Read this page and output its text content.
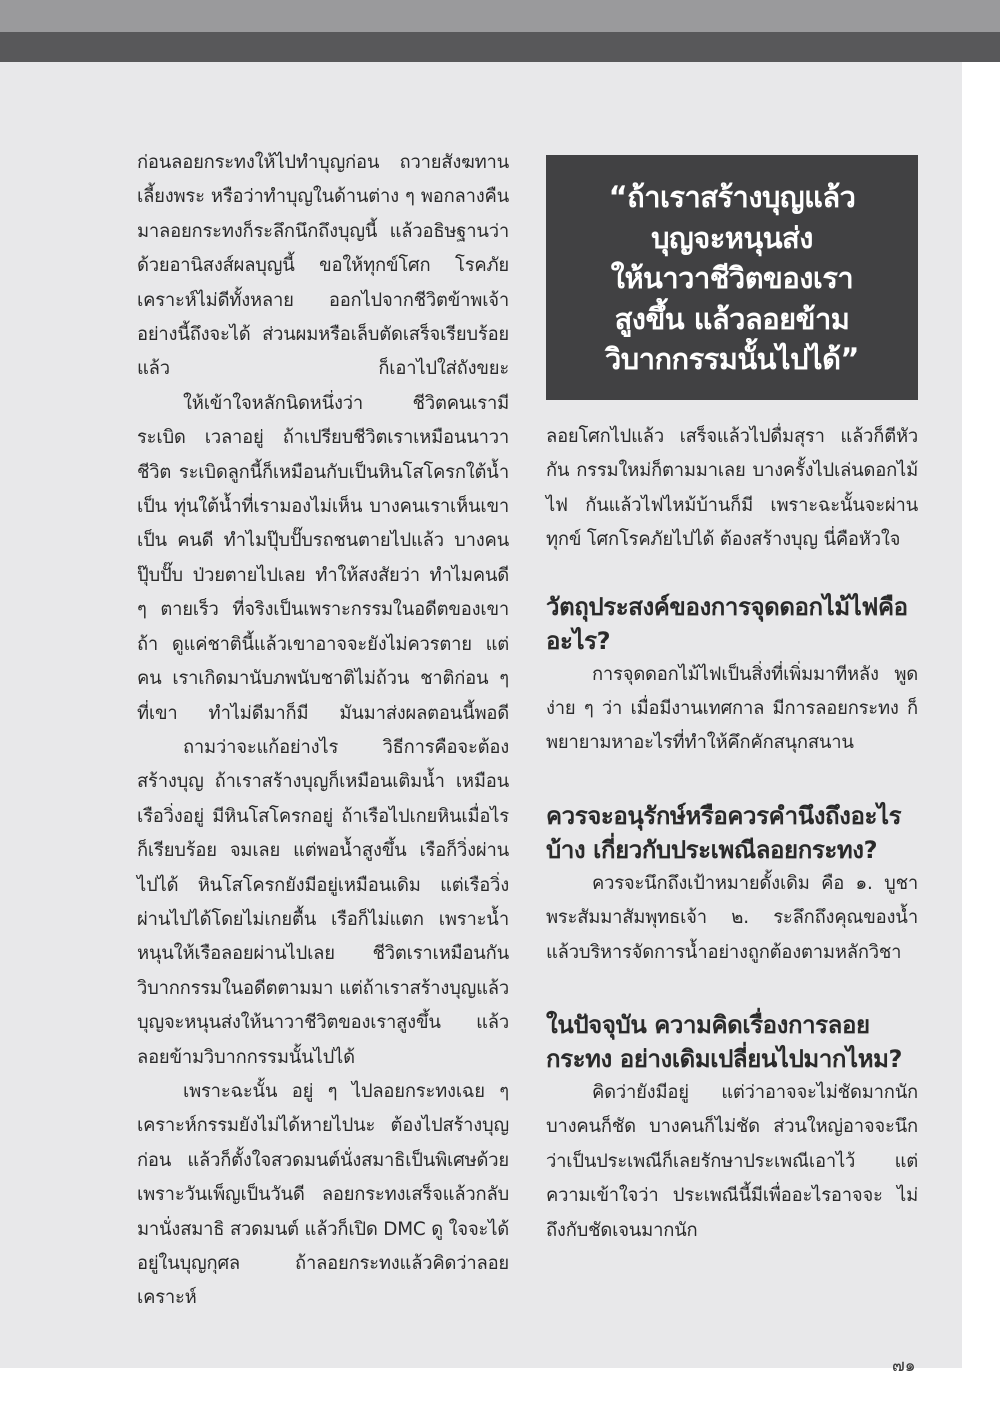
ก่อนลอยกระทงให้ไปทำบุญก่อน ถวายสังฆทาน เลี้ยงพระ หรือว่าทำบุญในด้านต่าง ๆ พอกลางคืน มาลอยกระทงก็ระลึกนึกถึงบุญนี้ แล้วอธิษฐานว่า ด้วยอานิสงส์ผลบุญนี้ ขอให้ทุกข์โศก โรคภัย เคราะห์ไม่ดีทั้งหลาย ออกไปจากชีวิตข้าพเจ้า อย่างนี้ถึงจะได้ ส่วนผมหรือเล็บตัดเสร็จเรียบร้อย แล้ว ก็เอาไปใส่ถังขยะ

ให้เข้าใจหลักนิดหนึ่งว่า ชีวิตคนเรามีระเบิด เวลาอยู่ ถ้าเปรียบชีวิตเราเหมือนนาวาชีวิต ระเบิดลูกนี้ก็เหมือนกับเป็นหินโสโครกใต้น้ำ เป็น ทุ่นใต้น้ำที่เรามองไม่เห็น บางคนเราเห็นเขาเป็น คนดี ทำไมปุ๊บปั๊บรถชนตายไปแล้ว บางคนปุ๊บปั๊บ ป่วยตายไปเลย ทำให้สงสัยว่า ทำไมคนดี ๆ ตายเร็ว ที่จริงเป็นเพราะกรรมในอดีตของเขา ถ้า ดูแค่ชาตินี้แล้วเขาอาจจะยังไม่ควรตาย แต่คน เราเกิดมานับภพนับชาติไม่ถ้วน ชาติก่อน ๆ ที่เขา ทำไม่ดีมาก็มี มันมาส่งผลตอนนี้พอดี

ถามว่าจะแก้อย่างไร วิธีการคือจะต้อง สร้างบุญ ถ้าเราสร้างบุญก็เหมือนเติมน้ำ เหมือน เรือวิ่งอยู่ มีหินโสโครกอยู่ ถ้าเรือไปเกยหินเมื่อไร ก็เรียบร้อย จมเลย แต่พอน้ำสูงขึ้น เรือก็วิ่งผ่าน ไปได้ หินโสโครกยังมีอยู่เหมือนเดิม แต่เรือวิ่ง ผ่านไปได้โดยไม่เกยตื้น เรือก็ไม่แตก เพราะน้ำ หนุนให้เรือลอยผ่านไปเลย ชีวิตเราเหมือนกัน วิบากกรรมในอดีตตามมา แต่ถ้าเราสร้างบุญแล้ว บุญจะหนุนส่งให้นาวาชีวิตของเราสูงขึ้น แล้ว ลอยข้ามวิบากกรรมนั้นไปได้

เพราะฉะนั้น อยู่ ๆ ไปลอยกระทงเฉย ๆ เคราะห์กรรมยังไม่ได้หายไปนะ ต้องไปสร้างบุญ ก่อน แล้วก็ตั้งใจสวดมนต์นั่งสมาธิเป็นพิเศษด้วย เพราะวันเพ็ญเป็นวันดี ลอยกระทงเสร็จแล้วกลับ มานั่งสมาธิ สวดมนต์ แล้วก็เปิด DMC ดู ใจจะได้ อยู่ในบุญกุศล ถ้าลอยกระทงแล้วคิดว่าลอยเคราะห์

“ถ้าเราสร้างบุญแล้ว

บุญจะหนุนส่ง

ให้นาวาชีวิตของเรา

สูงขึ้น แล้วลอยข้าม

วิบากกรรมนั้นไปได้”

ลอยโศกไปแล้ว เสร็จแล้วไปดื่มสุรา แล้วก็ตีหัวกัน กรรมใหม่ก็ตามมาเลย บางครั้งไปเล่นดอกไม้ไฟ กันแล้วไฟไหม้บ้านก็มี เพราะฉะนั้นจะผ่านทุกข์ โศกโรคภัยไปได้ ต้องสร้างบุญ นี่คือหัวใจ

วัตถุประสงค์ของการจุดดอกไม้ไฟคือ อะไร?

การจุดดอกไม้ไฟเป็นสิ่งที่เพิ่มมาทีหลัง พูด ง่าย ๆ ว่า เมื่อมีงานเทศกาล มีการลอยกระทง ก็พยายามหาอะไรที่ทำให้คึกคักสนุกสนาน

ควรจะอนุรักษ์หรือควรคำนึงถึงอะไรบ้าง เกี่ยวกับประเพณีลอยกระทง?

ควรจะนึกถึงเป้าหมายดั้งเดิม คือ ๑. บูชา พระสัมมาสัมพุทธเจ้า ๒. ระลึกถึงคุณของน้ำ แล้วบริหารจัดการน้ำอย่างถูกต้องตามหลักวิชา

ในปัจจุบัน ความคิดเรื่องการลอยกระทง อย่างเดิมเปลี่ยนไปมากไหม?

คิดว่ายังมีอยู่ แต่ว่าอาจจะไม่ชัดมากนัก บางคนก็ชัด บางคนก็ไม่ชัด ส่วนใหญ่อาจจะนึก ว่าเป็นประเพณีก็เลยรักษาประเพณีเอาไว้ แต่ ความเข้าใจว่า ประเพณีนี้มีเพื่ออะไรอาจจะ ไม่ถึงกับชัดเจนมากนัก

๗๑
